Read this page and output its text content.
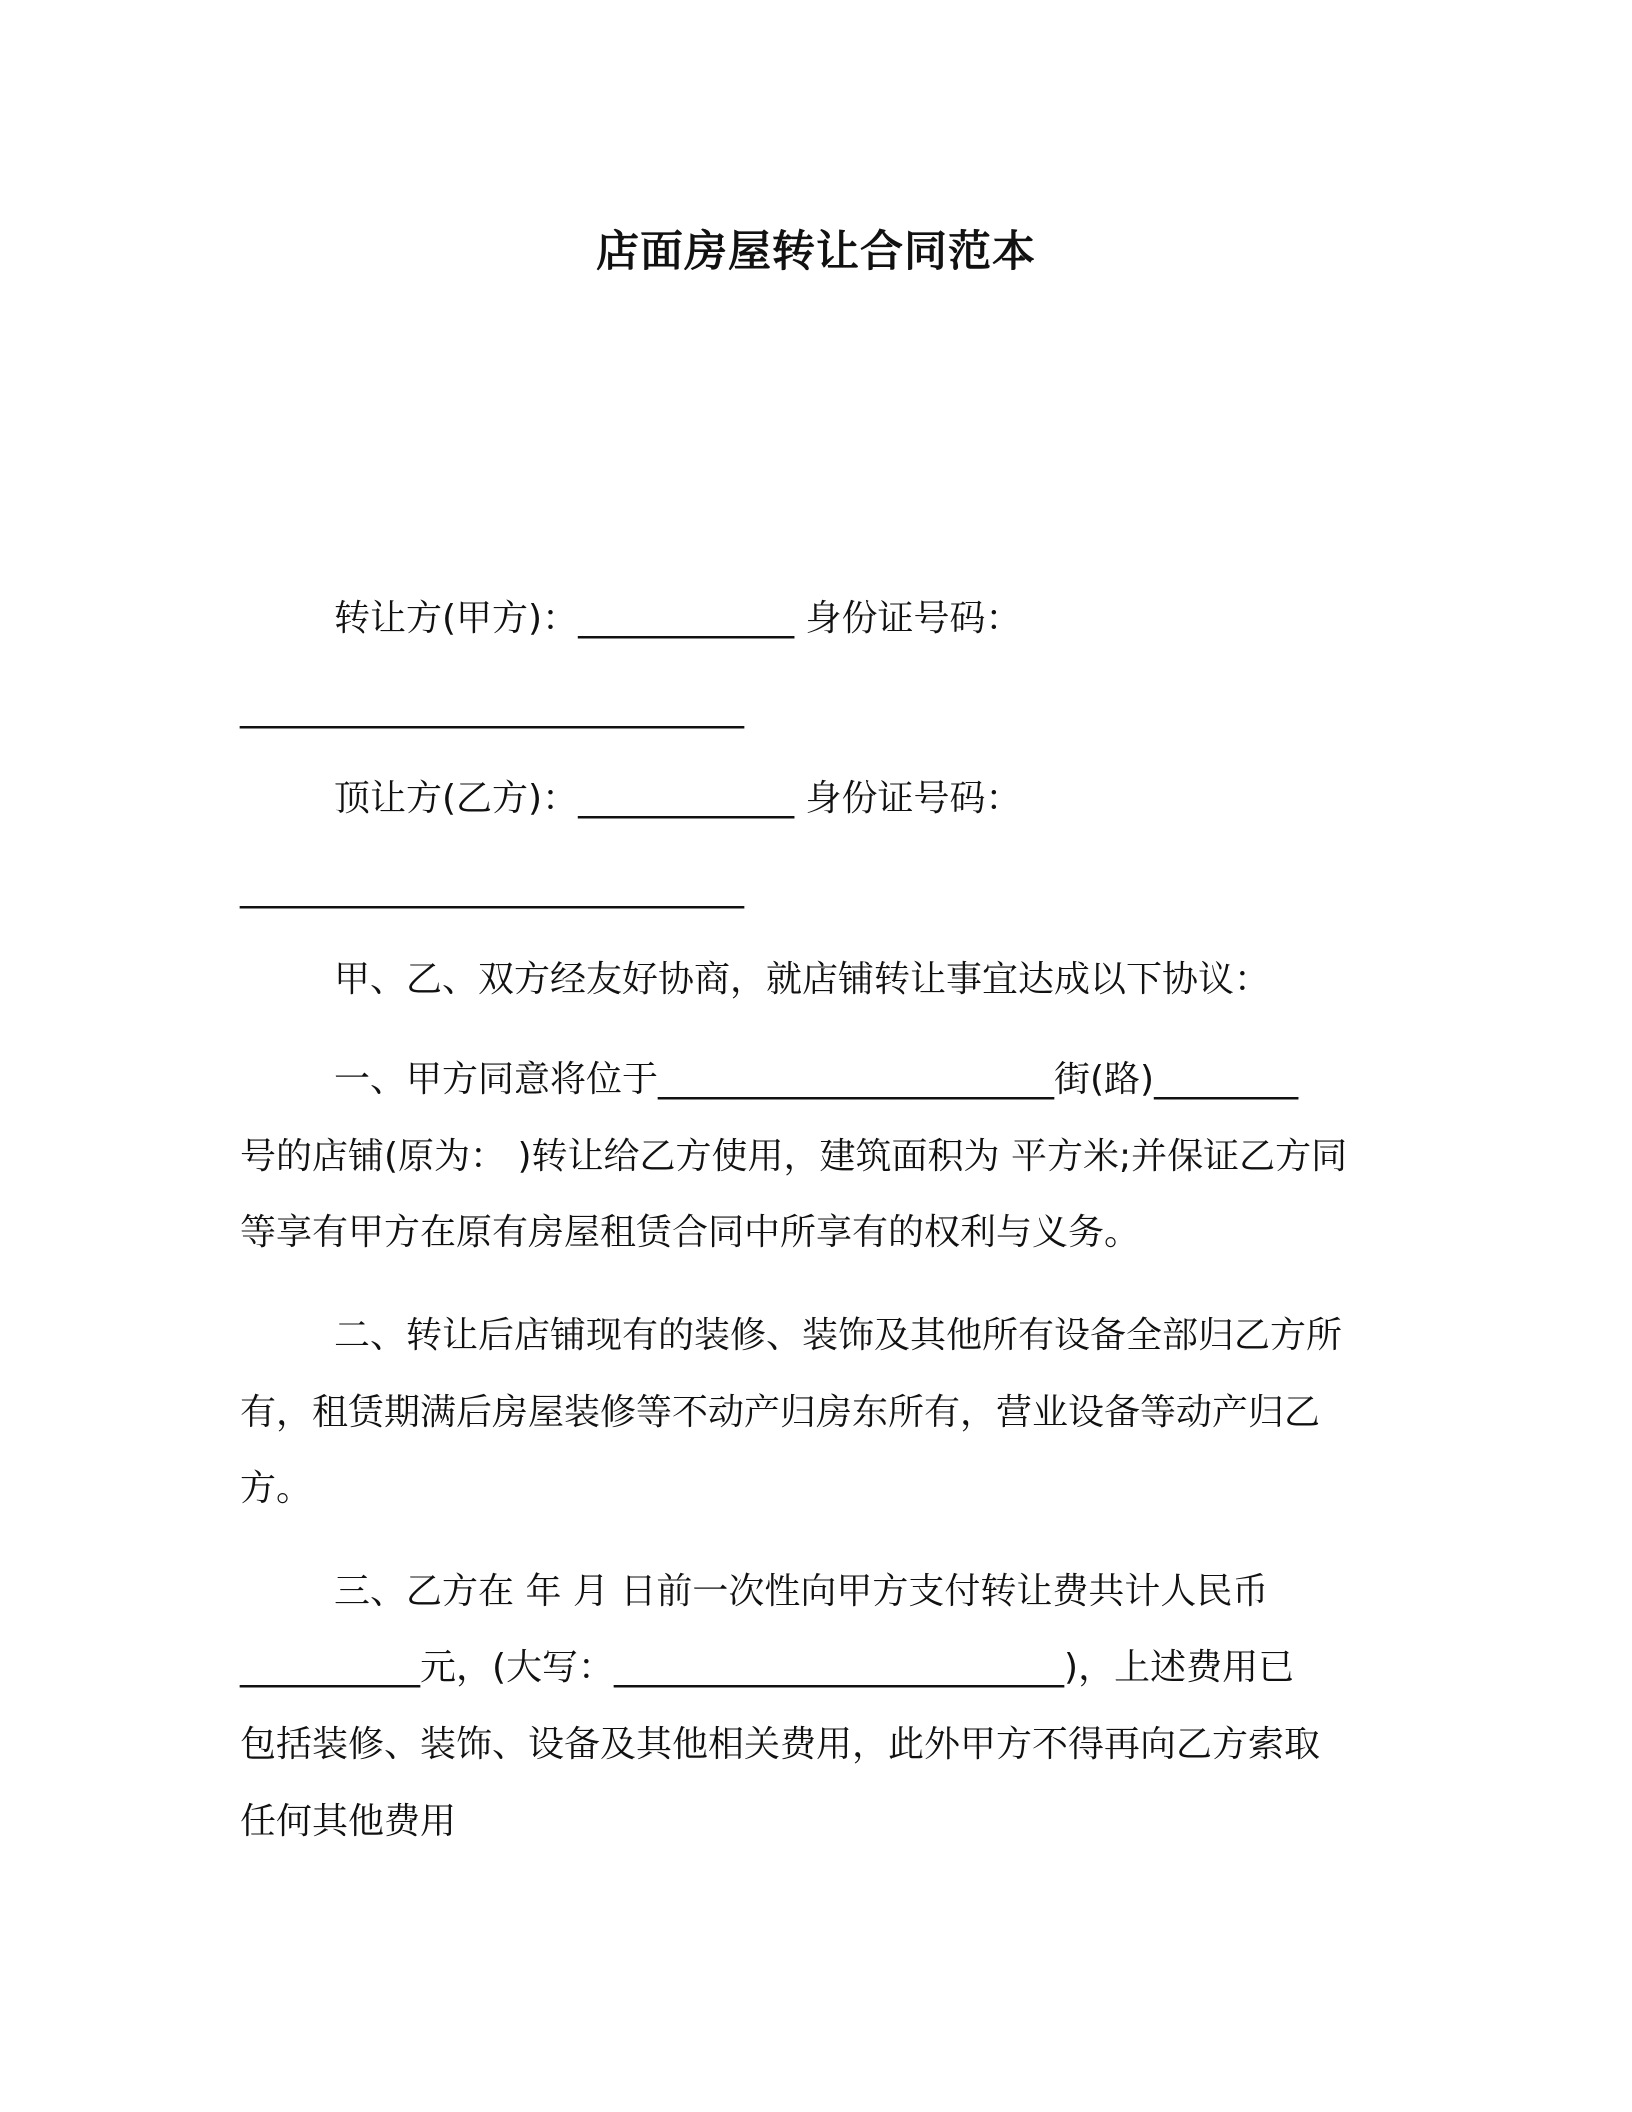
店面房屋转让合同范本
转让方(甲方)：____________ 身份证号码：
____________________________
顶让方(乙方)：____________ 身份证号码：
____________________________
甲、乙、双方经友好协商，就店铺转让事宜达成以下协议：
一、甲方同意将位于______________________街(路)________
号的店铺(原为： )转让给乙方使用，建筑面积为 平方米;并保证乙方同
等享有甲方在原有房屋租赁合同中所享有的权利与义务。
二、转让后店铺现有的装修、装饰及其他所有设备全部归乙方所
有，租赁期满后房屋装修等不动产归房东所有，营业设备等动产归乙
方。
三、乙方在 年 月 日前一次性向甲方支付转让费共计人民币
__________元，(大写：_________________________)，上述费用已
包括装修、装饰、设备及其他相关费用，此外甲方不得再向乙方索取
任何其他费用
